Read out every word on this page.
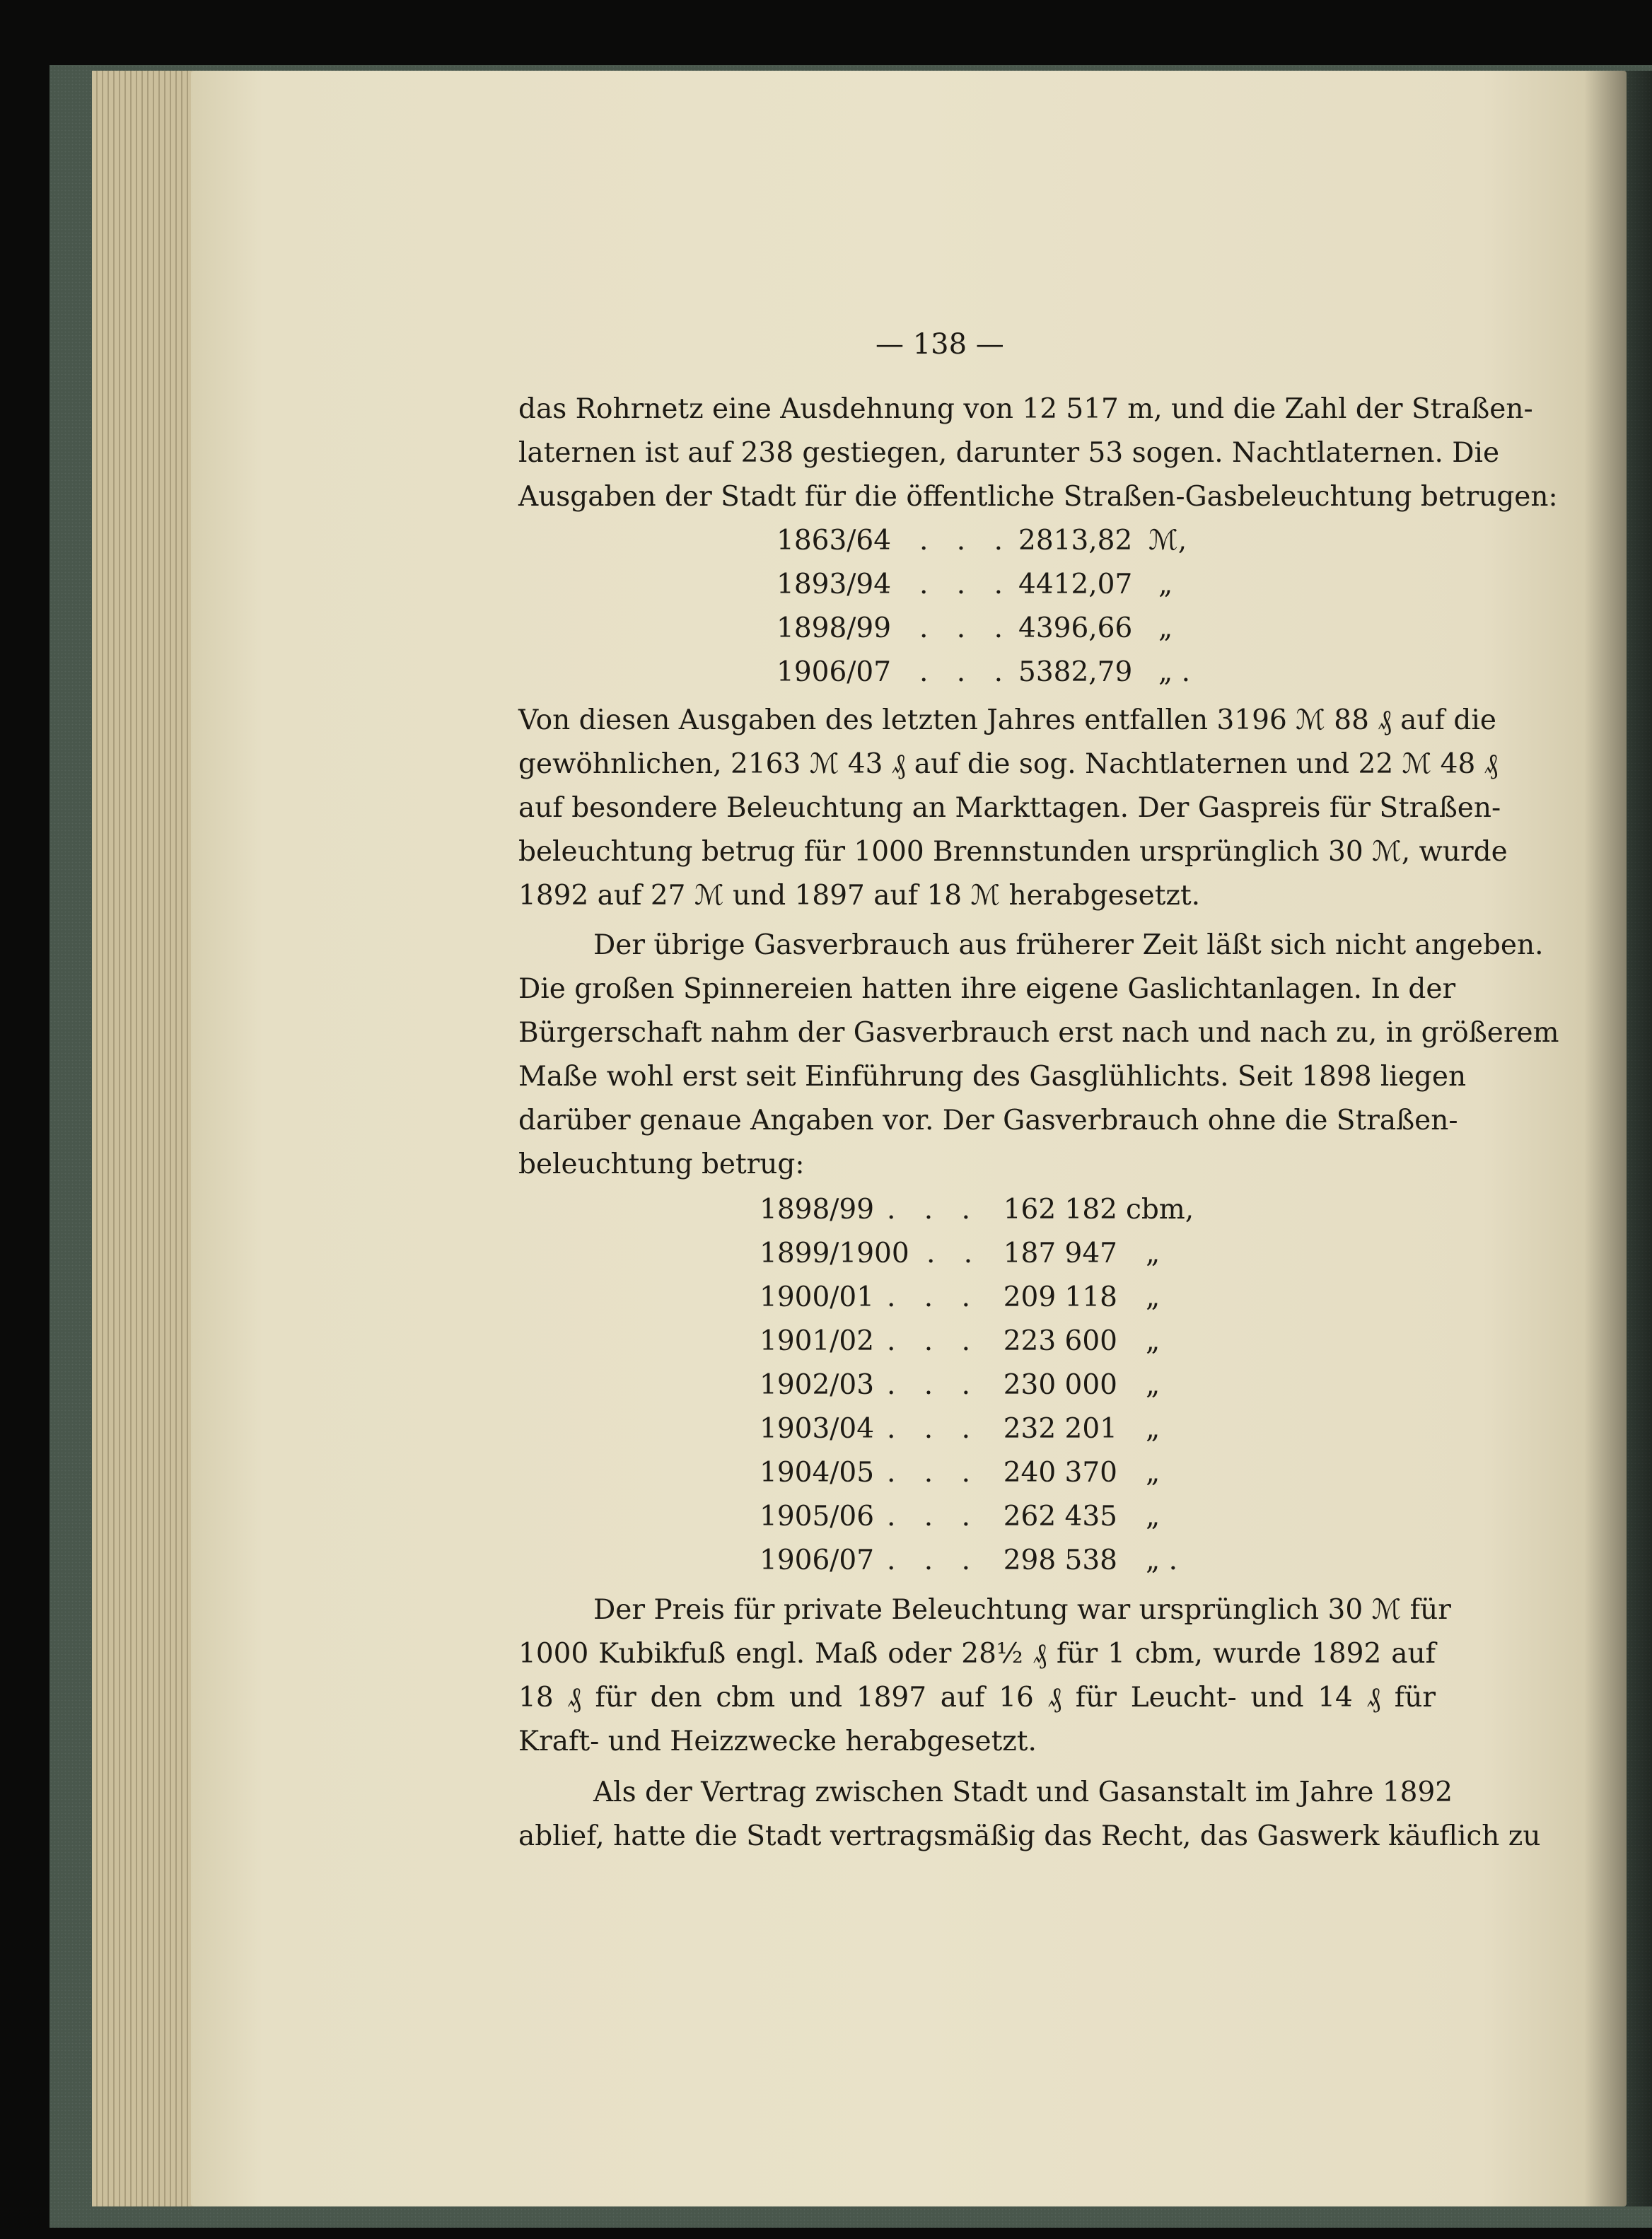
— 138 —
das Rohrnetz eine Ausdehnung von 12 517 m, und die Zahl der Straßen-
laternen ist auf 238 gestiegen, darunter 53 sogen. Nachtlaternen. Die
Ausgaben der Stadt für die öffentliche Straßen-Gasbeleuchtung betrugen:
1863/64 . . . 2813,82 ℳ,
1893/94 . . . 4412,07 „
1898/99 . . . 4396,66 „
1906/07 . . . 5382,79 „ .
Von diesen Ausgaben des letzten Jahres entfallen 3196 ℳ 88 ₰ auf die
gewöhnlichen, 2163 ℳ 43 ₰ auf die sog. Nachtlaternen und 22 ℳ 48 ₰
auf besondere Beleuchtung an Markttagen. Der Gaspreis für Straßen-
beleuchtung betrug für 1000 Brennstunden ursprünglich 30 ℳ, wurde
1892 auf 27 ℳ und 1897 auf 18 ℳ herabgesetzt.
Der übrige Gasverbrauch aus früherer Zeit läßt sich nicht angeben.
Die großen Spinnereien hatten ihre eigene Gaslichtanlagen. In der
Bürgerschaft nahm der Gasverbrauch erst nach und nach zu, in größerem
Maße wohl erst seit Einführung des Gasglühlichts. Seit 1898 liegen
darüber genaue Angaben vor. Der Gasverbrauch ohne die Straßen-
beleuchtung betrug:
1898/99 . . . 162 182 cbm,
1899/1900 . . 187 947 „
1900/01 . . . 209 118 „
1901/02 . . . 223 600 „
1902/03 . . . 230 000 „
1903/04 . . . 232 201 „
1904/05 . . . 240 370 „
1905/06 . . . 262 435 „
1906/07 . . . 298 538 „ .
Der Preis für private Beleuchtung war ursprünglich 30 ℳ für
1000 Kubikfuß engl. Maß oder 28½ ₰ für 1 cbm, wurde 1892 auf
18 ₰ für den cbm und 1897 auf 16 ₰ für Leucht- und 14 ₰ für
Kraft- und Heizzwecke herabgesetzt.
Als der Vertrag zwischen Stadt und Gasanstalt im Jahre 1892
ablief, hatte die Stadt vertragsmäßig das Recht, das Gaswerk käuflich zu
